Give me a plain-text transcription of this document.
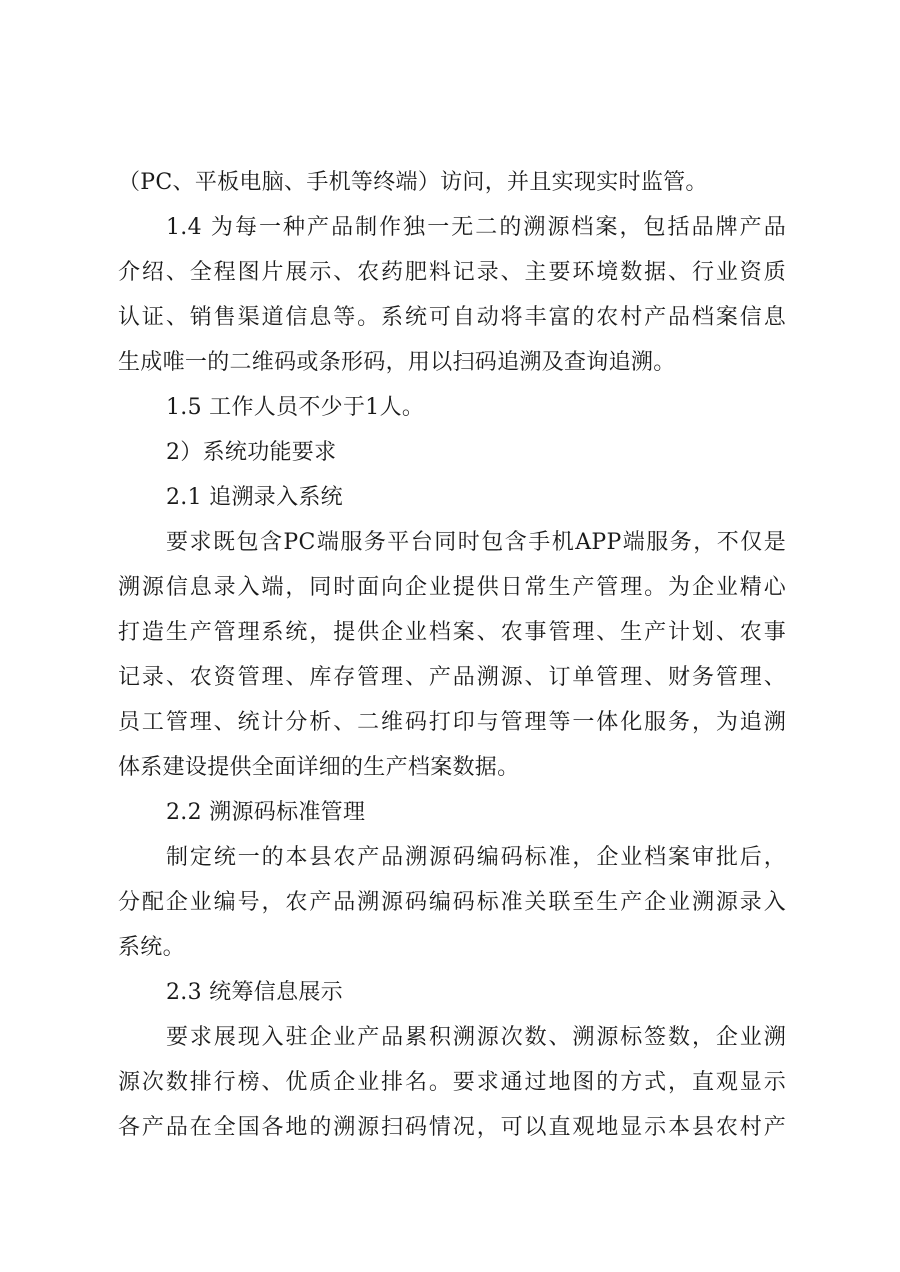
（PC、平板电脑、手机等终端）访问，并且实现实时监管。
1.4 为每一种产品制作独一无二的溯源档案，包括品牌产品
介绍、全程图片展示、农药肥料记录、主要环境数据、行业资质
认证、销售渠道信息等。系统可自动将丰富的农村产品档案信息
生成唯一的二维码或条形码，用以扫码追溯及查询追溯。
1.5 工作人员不少于1人。
2）系统功能要求
2.1 追溯录入系统
要求既包含PC端服务平台同时包含手机APP端服务，不仅是
溯源信息录入端，同时面向企业提供日常生产管理。为企业精心
打造生产管理系统，提供企业档案、农事管理、生产计划、农事
记录、农资管理、库存管理、产品溯源、订单管理、财务管理、
员工管理、统计分析、二维码打印与管理等一体化服务，为追溯
体系建设提供全面详细的生产档案数据。
2.2 溯源码标准管理
制定统一的本县农产品溯源码编码标准，企业档案审批后，
分配企业编号，农产品溯源码编码标准关联至生产企业溯源录入
系统。
2.3 统筹信息展示
要求展现入驻企业产品累积溯源次数、溯源标签数，企业溯
源次数排行榜、优质企业排名。要求通过地图的方式，直观显示
各产品在全国各地的溯源扫码情况，可以直观地显示本县农村产
